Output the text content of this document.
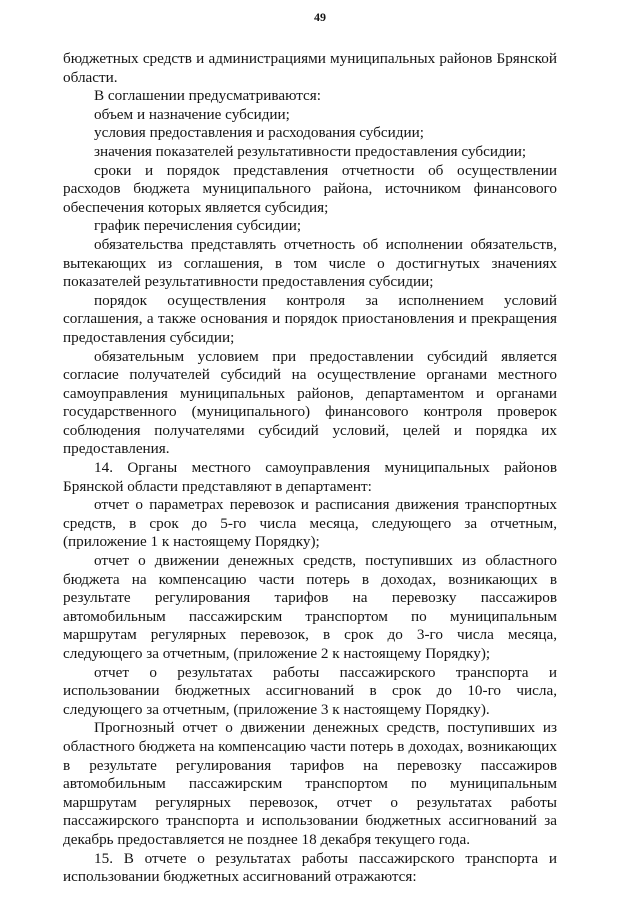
49

бюджетных средств и администрациями муниципальных районов Брянской области.

В соглашении предусматриваются:

объем и назначение субсидии;

условия предоставления и расходования субсидии;

значения показателей результативности предоставления субсидии;

сроки и порядок представления отчетности об осуществлении расходов бюджета муниципального района, источником финансового обеспечения которых является субсидия;

график перечисления субсидии;

обязательства представлять отчетность об исполнении обязательств, вытекающих из соглашения, в том числе о достигнутых значениях показателей результативности предоставления субсидии;

порядок осуществления контроля за исполнением условий соглашения, а также основания и порядок приостановления и прекращения предоставления субсидии;

обязательным условием при предоставлении субсидий является согласие получателей субсидий на осуществление органами местного самоуправления муниципальных районов, департаментом и органами государственного (муниципального) финансового контроля проверок соблюдения получателями субсидий условий, целей и порядка их предоставления.

14. Органы местного самоуправления муниципальных районов Брянской области представляют в департамент:

отчет о параметрах перевозок и расписания движения транспортных средств, в срок до 5-го числа месяца, следующего за отчетным, (приложение 1 к настоящему Порядку);

отчет о движении денежных средств, поступивших из областного бюджета на компенсацию части потерь в доходах, возникающих в результате регулирования тарифов на перевозку пассажиров автомобильным пассажирским транспортом по муниципальным маршрутам регулярных перевозок, в срок до 3-го числа месяца, следующего за отчетным, (приложение 2 к настоящему Порядку);

отчет о результатах работы пассажирского транспорта и использовании бюджетных ассигнований в срок до 10-го числа, следующего за отчетным, (приложение 3 к настоящему Порядку).

Прогнозный отчет о движении денежных средств, поступивших из областного бюджета на компенсацию части потерь в доходах, возникающих в результате регулирования тарифов на перевозку пассажиров автомобильным пассажирским транспортом по муниципальным маршрутам регулярных перевозок, отчет о результатах работы пассажирского транспорта и использовании бюджетных ассигнований за декабрь предоставляется не позднее 18 декабря текущего года.

15. В отчете о результатах работы пассажирского транспорта и использовании бюджетных ассигнований отражаются:
